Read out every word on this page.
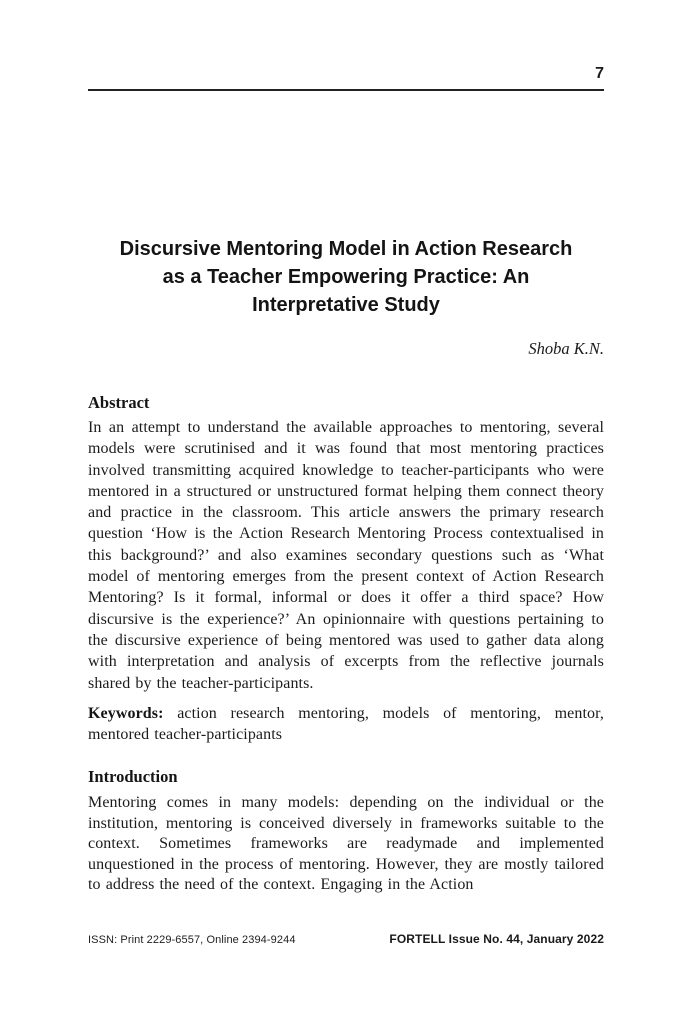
7
Discursive Mentoring Model in Action Research
as a Teacher Empowering Practice: An
Interpretative Study
Shoba K.N.
Abstract

In an attempt to understand the available approaches to mentoring, several models were scrutinised and it was found that most mentoring practices involved transmitting acquired knowledge to teacher-participants who were mentored in a structured or unstructured format helping them connect theory and practice in the classroom. This article answers the primary research question ‘How is the Action Research Mentoring Process contextualised in this background?’ and also examines secondary questions such as ‘What model of mentoring emerges from the present context of Action Research Mentoring? Is it formal, informal or does it offer a third space? How discursive is the experience?’ An opinionnaire with questions pertaining to the discursive experience of being mentored was used to gather data along with interpretation and analysis of excerpts from the reflective journals shared by the teacher-participants.

Keywords: action research mentoring, models of mentoring, mentor, mentored teacher-participants

Introduction

Mentoring comes in many models: depending on the individual or the institution, mentoring is conceived diversely in frameworks suitable to the context. Sometimes frameworks are readymade and implemented unquestioned in the process of mentoring. However, they are mostly tailored to address the need of the context. Engaging in the Action

ISSN: Print 2229-6557, Online 2394-9244	FORTELL Issue No. 44, January 2022
